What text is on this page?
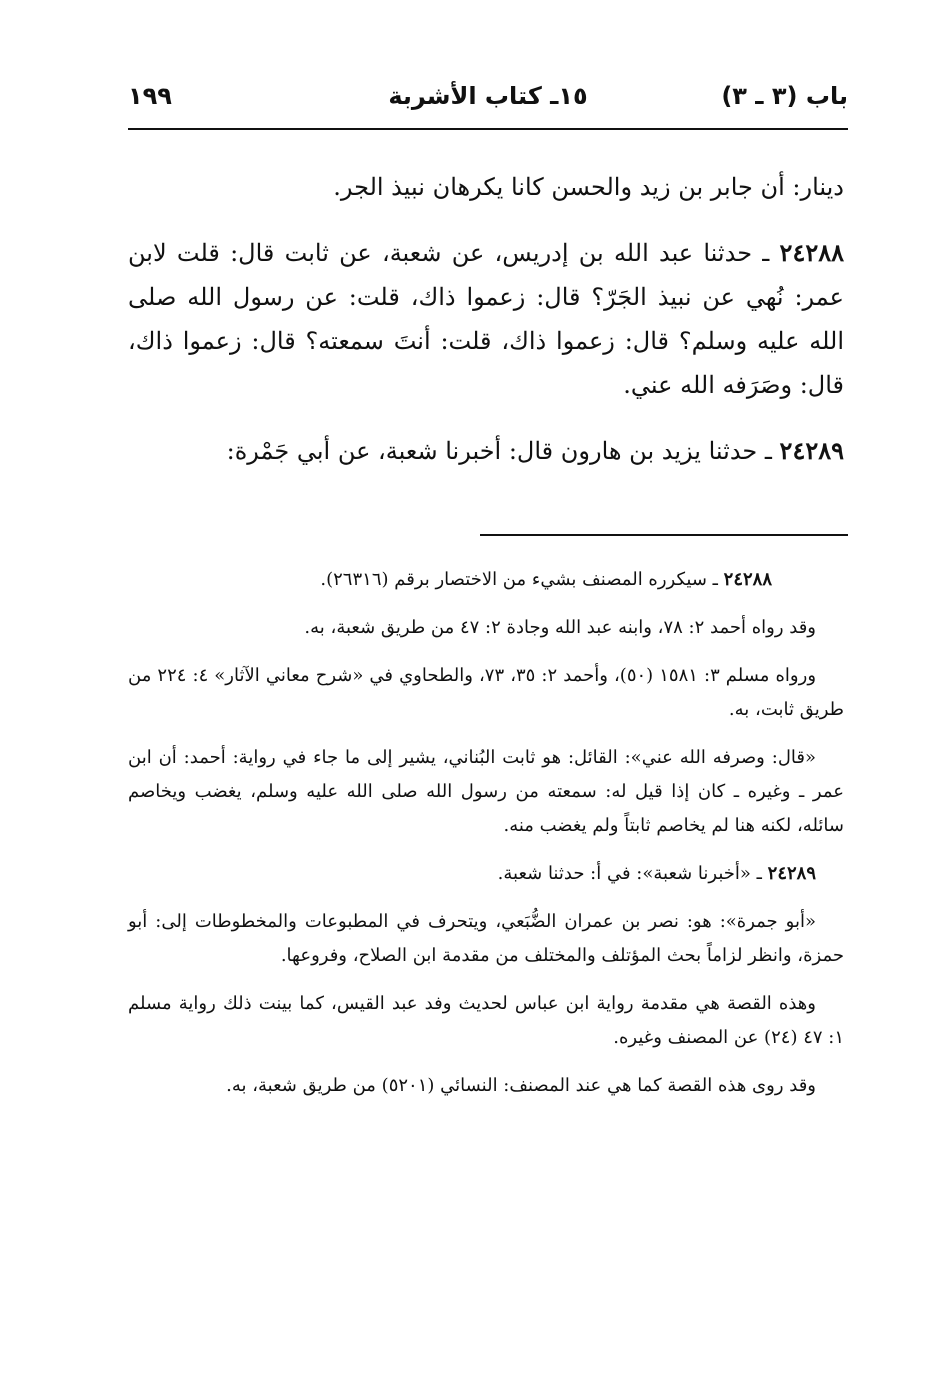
باب (٣ ـ ٣)
١٥ـ كتاب الأشربة
١٩٩

دينار: أن جابر بن زيد والحسن كانا يكرهان نبيذ الجر.

٢٤٢٨٨ ـ حدثنا عبد الله بن إدريس، عن شعبة، عن ثابت قال: قلت لابن عمر: نُهي عن نبيذ الجَرّ؟ قال: زعموا ذاك، قلت: عن رسول الله صلى الله عليه وسلم؟ قال: زعموا ذاك، قلت: أنتَ سمعته؟ قال: زعموا ذاك، قال: وصَرَفه الله عني.

٢٤٢٨٩ ـ حدثنا يزيد بن هارون قال: أخبرنا شعبة، عن أبي جَمْرة:

٢٤٢٨٨ ـ سيكرره المصنف بشيء من الاختصار برقم (٢٦٣١٦).

وقد رواه أحمد ٢: ٧٨، وابنه عبد الله وجادة ٢: ٤٧ من طريق شعبة، به.

ورواه مسلم ٣: ١٥٨١ (٥٠)، وأحمد ٢: ٣٥، ٧٣، والطحاوي في «شرح معاني الآثار» ٤: ٢٢٤ من طريق ثابت، به.

«قال: وصرفه الله عني»: القائل: هو ثابت البُناني، يشير إلى ما جاء في رواية: أحمد: أن ابن عمر ـ وغيره ـ كان إذا قيل له: سمعته من رسول الله صلى الله عليه وسلم، يغضب ويخاصم سائله، لكنه هنا لم يخاصم ثابتاً ولم يغضب منه.

٢٤٢٨٩ ـ «أخبرنا شعبة»: في أ: حدثنا شعبة.

«أبو جمرة»: هو: نصر بن عمران الضُّبَعي، ويتحرف في المطبوعات والمخطوطات إلى: أبو حمزة، وانظر لزاماً بحث المؤتلف والمختلف من مقدمة ابن الصلاح، وفروعها.

وهذه القصة هي مقدمة رواية ابن عباس لحديث وفد عبد القيس، كما بينت ذلك رواية مسلم ١: ٤٧ (٢٤) عن المصنف وغيره.

وقد روى هذه القصة كما هي عند المصنف: النسائي (٥٢٠١) من طريق شعبة، به.
